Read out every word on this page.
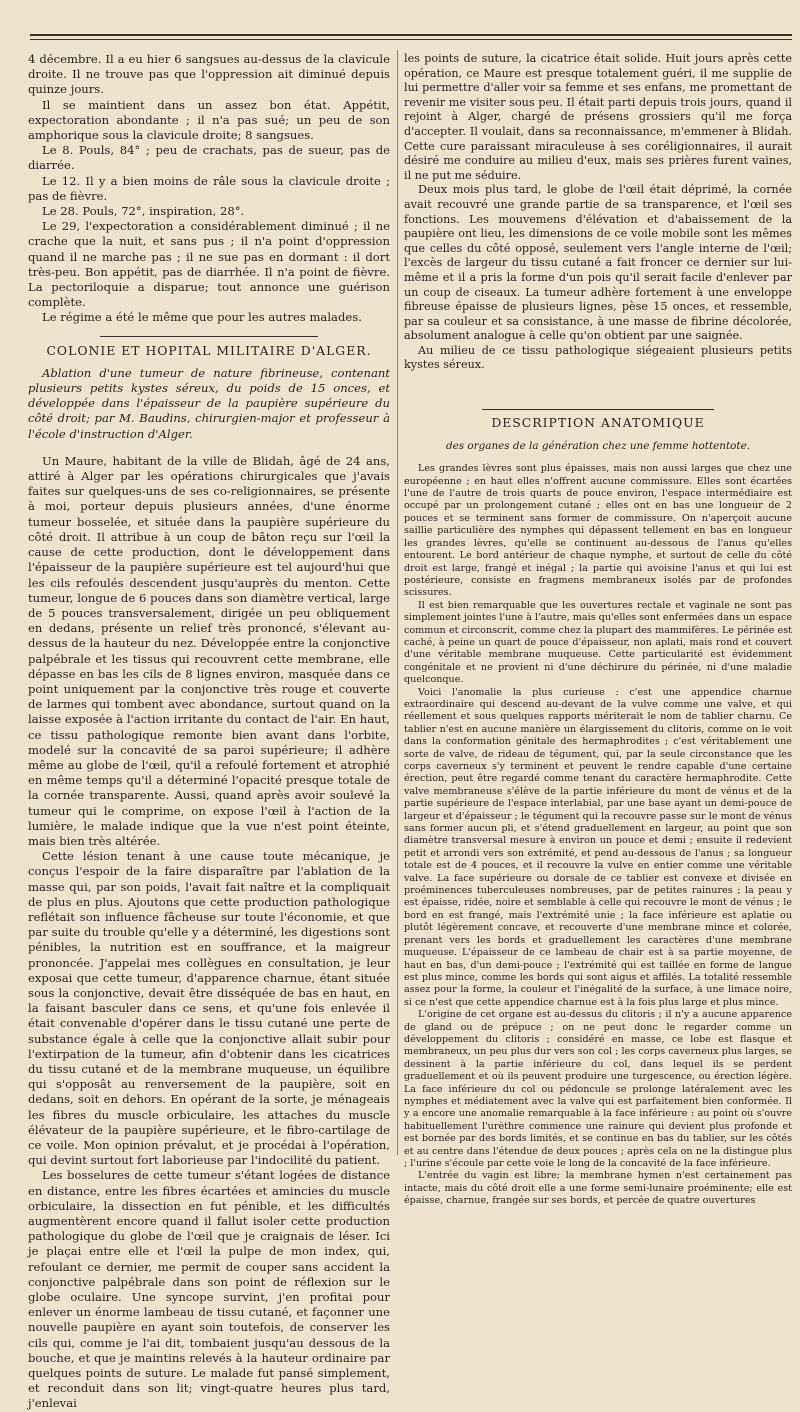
4 décembre. Il a eu hier 6 sangsues au-dessus de la clavicule droite. Il ne trouve pas que l'oppression ait diminué depuis quinze jours.

Il se maintient dans un assez bon état. Appétit, expectoration abondante ; il n'a pas sué; un peu de son amphorique sous la clavicule droite; 8 sangsues.

Le 8. Pouls, 84° ; peu de crachats, pas de sueur, pas de diarrée.

Le 12. Il y a bien moins de râle sous la clavicule droite ; pas de fièvre.

Le 28. Pouls, 72°, inspiration, 28°.

Le 29, l'expectoration a considérablement diminué ; il ne crache que la nuit, et sans pus ; il n'a point d'oppression quand il ne marche pas ; il ne sue pas en dormant : il dort très-peu. Bon appétit, pas de diarrhée. Il n'a point de fièvre. La pectoriloquie a disparue; tout annonce une guérison complète.

Le régime a été le même que pour les autres malades.

COLONIE ET HOPITAL MILITAIRE D'ALGER.

Ablation d'une tumeur de nature fibrineuse, contenant plusieurs petits kystes séreux, du poids de 15 onces, et développée dans l'épaisseur de la paupière supérieure du côté droit; par M. Baudins, chirurgien-major et professeur à l'école d'instruction d'Alger.

Un Maure, habitant de la ville de Blidah, âgé de 24 ans, attiré à Alger par les opérations chirurgicales que j'avais faites sur quelques-uns de ses co-religionnaires, se présente à moi, porteur depuis plusieurs années, d'une énorme tumeur bosselée, et située dans la paupière supérieure du côté droit. Il attribue à un coup de bâton reçu sur l'œil la cause de cette production, dont le développement dans l'épaisseur de la paupière supérieure est tel aujourd'hui que les cils refoulés descendent jusqu'auprès du menton. Cette tumeur, longue de 6 pouces dans son diamètre vertical, large de 5 pouces transversalement, dirigée un peu obliquement en dedans, présente un relief très prononcé, s'élevant au-dessus de la hauteur du nez. Développée entre la conjonctive palpébrale et les tissus qui recouvrent cette membrane, elle dépasse en bas les cils de 8 lignes environ, masquée dans ce point uniquement par la conjonctive très rouge et couverte de larmes qui tombent avec abondance, surtout quand on la laisse exposée à l'action irritante du contact de l'air. En haut, ce tissu pathologique remonte bien avant dans l'orbite, modelé sur la concavité de sa paroi supérieure; il adhère même au globe de l'œil, qu'il a refoulé fortement et atrophié en même temps qu'il a déterminé l'opacité presque totale de la cornée transparente. Aussi, quand après avoir soulevé la tumeur qui le comprime, on expose l'œil à l'action de la lumière, le malade indique que la vue n'est point éteinte, mais bien très altérée.

Cette lésion tenant à une cause toute mécanique, je conçus l'espoir de la faire disparaître par l'ablation de la masse qui, par son poids, l'avait fait naître et la compliquait de plus en plus. Ajoutons que cette production pathologique reflétait son influence fâcheuse sur toute l'économie, et que par suite du trouble qu'elle y a déterminé, les digestions sont pénibles, la nutrition est en souffrance, et la maigreur prononcée. J'appelai mes collègues en consultation, je leur exposai que cette tumeur, d'apparence charnue, étant située sous la conjonctive, devait être disséquée de bas en haut, en la faisant basculer dans ce sens, et qu'une fois enlevée il était convenable d'opérer dans le tissu cutané une perte de substance égale à celle que la conjonctive allait subir pour l'extirpation de la tumeur, afin d'obtenir dans les cicatrices du tissu cutané et de la membrane muqueuse, un équilibre qui s'opposât au renversement de la paupière, soit en dedans, soit en dehors. En opérant de la sorte, je ménageais les fibres du muscle orbiculaire, les attaches du muscle élévateur de la paupière supérieure, et le fibro-cartilage de ce voile. Mon opinion prévalut, et je procédai à l'opération, qui devint surtout fort laborieuse par l'indocilité du patient.

Les bosselures de cette tumeur s'étant logées de distance en distance, entre les fibres écartées et amincies du muscle orbiculaire, la dissection en fut pénible, et les difficultés augmentèrent encore quand il fallut isoler cette production pathologique du globe de l'œil que je craignais de léser. Ici je plaçai entre elle et l'œil la pulpe de mon index, qui, refoulant ce dernier, me permit de couper sans accident la conjonctive palpébrale dans son point de réflexion sur le globe oculaire. Une syncope survint, j'en profitai pour enlever un énorme lambeau de tissu cutané, et façonner une nouvelle paupière en ayant soin toutefois, de conserver les cils qui, comme je l'ai dit, tombaient jusqu'au dessous de la bouche, et que je maintins relevés à la hauteur ordinaire par quelques points de suture. Le malade fut pansé simplement, et reconduit dans son lit; vingt-quatre heures plus tard, j'enlevai

les points de suture, la cicatrice était solide. Huit jours après cette opération, ce Maure est presque totalement guéri, il me supplie de lui permettre d'aller voir sa femme et ses enfans, me promettant de revenir me visiter sous peu. Il était parti depuis trois jours, quand il rejoint à Alger, chargé de présens grossiers qu'il me força d'accepter. Il voulait, dans sa reconnaissance, m'emmener à Blidah. Cette cure paraissant miraculeuse à ses coréligionnaires, il aurait désiré me conduire au milieu d'eux, mais ses prières furent vaines, il ne put me séduire.

Deux mois plus tard, le globe de l'œil était déprimé, la cornée avait recouvré une grande partie de sa transparence, et l'œil ses fonctions. Les mouvemens d'élévation et d'abaissement de la paupière ont lieu, les dimensions de ce voile mobile sont les mêmes que celles du côté opposé, seulement vers l'angle interne de l'œil; l'excès de largeur du tissu cutané a fait froncer ce dernier sur lui-même et il a pris la forme d'un pois qu'il serait facile d'enlever par un coup de ciseaux. La tumeur adhère fortement à une enveloppe fibreuse épaisse de plusieurs lignes, pèse 15 onces, et ressemble, par sa couleur et sa consistance, à une masse de fibrine décolorée, absolument analogue à celle qu'on obtient par une saignée.

Au milieu de ce tissu pathologique siégeaient plusieurs petits kystes séreux.

DESCRIPTION ANATOMIQUE
des organes de la génération chez une femme hottentote.

Les grandes lèvres sont plus épaisses, mais non aussi larges que chez une européenne ; en haut elles n'offrent aucune commissure. Elles sont écartées l'une de l'autre de trois quarts de pouce environ, l'espace intermédiaire est occupé par un prolongement cutané ; elles ont en bas une longueur de 2 pouces et se terminent sans former de commissure. On n'aperçoit aucune saillie particulière des nymphes qui dépassent tellement en bas en longueur les grandes lèvres, qu'elle se continuent au-dessous de l'anus qu'elles entourent. Le bord antérieur de chaque nymphe, et surtout de celle du côté droit est large, frangé et inégal ; la partie qui avoisine l'anus et qui lui est postérieure, consiste en fragmens membraneux isolés par de profondes scissures.

Il est bien remarquable que les ouvertures rectale et vaginale ne sont pas simplement jointes l'une à l'autre, mais qu'elles sont enfermées dans un espace commun et circonscrit, comme chez la plupart des mammifères. Le périnée est caché, à peine un quart de pouce d'épaisseur, non aplati, mais rond et couvert d'une véritable membrane muqueuse. Cette particularité est évidemment congénitale et ne provient ni d'une déchirure du périnée, ni d'une maladie quelconque.

Voici l'anomalie la plus curieuse : c'est une appendice charnue extraordinaire qui descend au-devant de la vulve comme une valve, et qui réellement et sous quelques rapports mériterait le nom de tablier charnu. Ce tablier n'est en aucune manière un élargissement du clitoris, comme on le voit dans la conformation génitale des hermaphrodites ; c'est véritablement une sorte de valve, de rideau de tégument, qui, par la seule circonstance que les corps caverneux s'y terminent et peuvent le rendre capable d'une certaine érection, peut être regardé comme tenant du caractère hermaphrodite. Cette valve membraneuse s'élève de la partie inférieure du mont de vénus et de la partie supérieure de l'espace interlabial, par une base ayant un demi-pouce de largeur et d'épaisseur ; le tégument qui la recouvre passe sur le mont de vénus sans former aucun pli, et s'étend graduellement en largeur, au point que son diamètre transversal mesure à environ un pouce et demi ; ensuite il redevient petit et arrondi vers son extrémité, et pend au-dessous de l'anus ; sa longueur totale est de 4 pouces, et il recouvre la vulve en entier comme une véritable valve. La face supérieure ou dorsale de ce tablier est convexe et divisée en proéminences tuberculeuses nombreuses, par de petites rainures ; la peau y est épaisse, ridée, noire et semblable à celle qui recouvre le mont de vénus ; le bord en est frangé, mais l'extrémité unie ; la face inférieure est aplatie ou plutôt légèrement concave, et recouverte d'une membrane mince et colorée, prenant vers les bords et graduellement les caractères d'une membrane muqueuse. L'épaisseur de ce lambeau de chair est à sa partie moyenne, de haut en bas, d'un demi-pouce ; l'extrémité qui est taillée en forme de langue est plus mince, comme les bords qui sont aigus et affilés. La totalité ressemble assez pour la forme, la couleur et l'inégalité de la surface, à une limace noire, si ce n'est que cette appendice charnue est à la fois plus large et plus mince.

L'origine de cet organe est au-dessus du clitoris ; il n'y a aucune apparence de gland ou de prépuce ; on ne peut donc le regarder comme un développement du clitoris ; considéré en masse, ce lobe est flasque et membraneux, un peu plus dur vers son col ; les corps caverneux plus larges, se dessinent à la partie inférieure du col, dans lequel ils se perdent graduellement et où ils peuvent produire une turgescence, ou érection légère. La face inférieure du col ou pédoncule se prolonge latéralement avec les nymphes et médiatement avec la valve qui est parfaitement bien conformée. Il y a encore une anomalie remarquable à la face inférieure : au point où s'ouvre habituellement l'urèthre commence une rainure qui devient plus profonde et est bornée par des bords limités, et se continue en bas du tablier, sur les côtés et au centre dans l'étendue de deux pouces ; après cela on ne la distingue plus ; l'urine s'écoule par cette voie le long de la concavité de la face inférieure.

L'entrée du vagin est libre; la membrane hymen n'est certainement pas intacte, mais du côté droit elle a une forme semi-lunaire proéminente; elle est épaisse, charnue, frangée sur ses bords, et percée de quatre ouvertures
